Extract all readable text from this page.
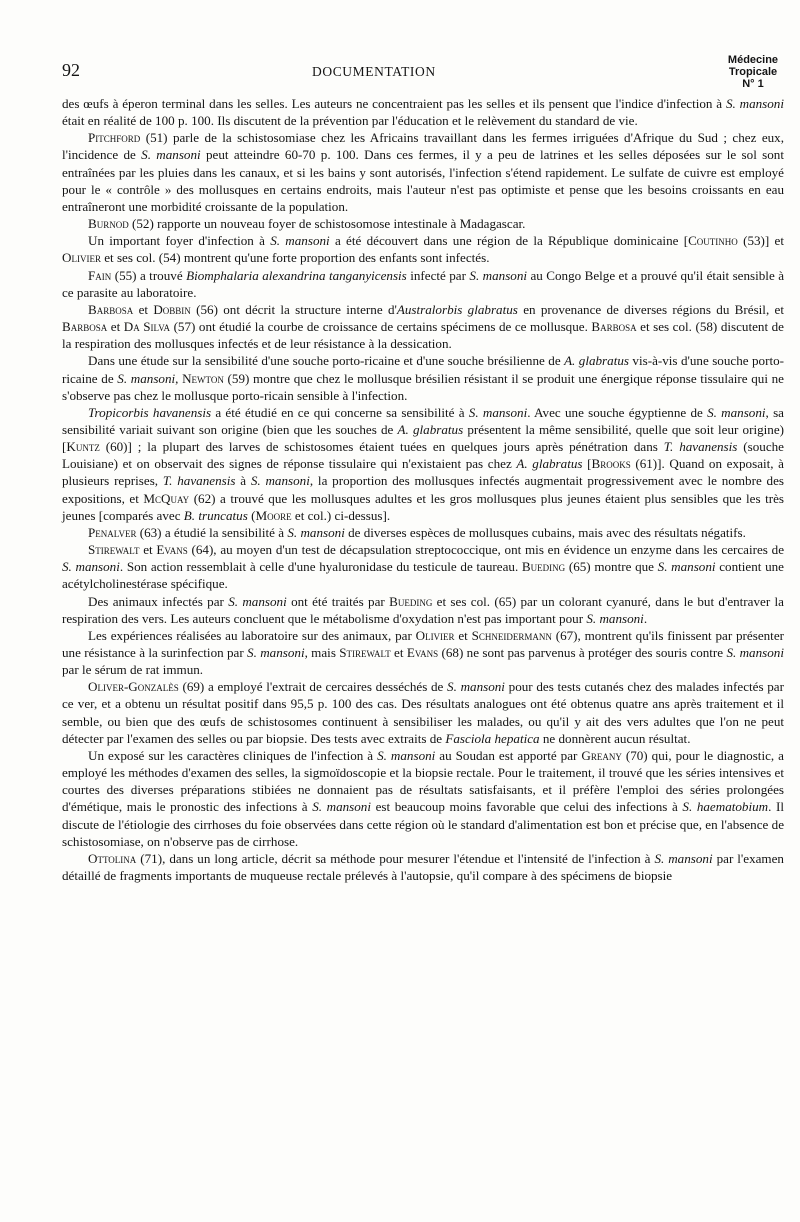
92	DOCUMENTATION
Médecine
Tropicale
N° 1

des œufs à éperon terminal dans les selles. Les auteurs ne concentraient pas les selles et ils pensent que l'indice d'infection à S. mansoni était en réalité de 100 p. 100. Ils discutent de la prévention par l'éducation et le relèvement du standard de vie.

Pitchford (51) parle de la schistosomiase chez les Africains travaillant dans les fermes irriguées d'Afrique du Sud ; chez eux, l'incidence de S. mansoni peut atteindre 60-70 p. 100. Dans ces fermes, il y a peu de latrines et les selles déposées sur le sol sont entraînées par les pluies dans les canaux, et si les bains y sont autorisés, l'infection s'étend rapidement. Le sulfate de cuivre est employé pour le « contrôle » des mollusques en certains endroits, mais l'auteur n'est pas optimiste et pense que les besoins croissants en eau entraîneront une morbidité croissante de la population.

Burnod (52) rapporte un nouveau foyer de schistosomose intestinale à Madagascar.

Un important foyer d'infection à S. mansoni a été découvert dans une région de la République dominicaine [Coutinho (53)] et Olivier et ses col. (54) montrent qu'une forte proportion des enfants sont infectés.

Fain (55) a trouvé Biomphalaria alexandrina tanganyicensis infecté par S. mansoni au Congo Belge et a prouvé qu'il était sensible à ce parasite au laboratoire.

Barbosa et Dobbin (56) ont décrit la structure interne d'Australorbis glabratus en provenance de diverses régions du Brésil, et Barbosa et Da Silva (57) ont étudié la courbe de croissance de certains spécimens de ce mollusque. Barbosa et ses col. (58) discutent de la respiration des mollusques infectés et de leur résistance à la dessication.

Dans une étude sur la sensibilité d'une souche porto-ricaine et d'une souche brésilienne de A. glabratus vis-à-vis d'une souche porto-ricaine de S. mansoni, Newton (59) montre que chez le mollusque brésilien résistant il se produit une énergique réponse tissulaire qui ne s'observe pas chez le mollusque porto-ricain sensible à l'infection.

Tropicorbis havanensis a été étudié en ce qui concerne sa sensibilité à S. mansoni. Avec une souche égyptienne de S. mansoni, sa sensibilité variait suivant son origine (bien que les souches de A. glabratus présentent la même sensibilité, quelle que soit leur origine) [Kuntz (60)] ; la plupart des larves de schistosomes étaient tuées en quelques jours après pénétration dans T. havanensis (souche Louisiane) et on observait des signes de réponse tissulaire qui n'existaient pas chez A. glabratus [Brooks (61)]. Quand on exposait, à plusieurs reprises, T. havanensis à S. mansoni, la proportion des mollusques infectés augmentait progressivement avec le nombre des expositions, et McQuay (62) a trouvé que les mollusques adultes et les gros mollusques plus jeunes étaient plus sensibles que les très jeunes [comparés avec B. truncatus (Moore et col.) ci-dessus].

Penalver (63) a étudié la sensibilité à S. mansoni de diverses espèces de mollusques cubains, mais avec des résultats négatifs.

Stirewalt et Evans (64), au moyen d'un test de décapsulation streptococcique, ont mis en évidence un enzyme dans les cercaires de S. mansoni. Son action ressemblait à celle d'une hyaluronidase du testicule de taureau. Bueding (65) montre que S. mansoni contient une acétylcholinestérase spécifique.

Des animaux infectés par S. mansoni ont été traités par Bueding et ses col. (65) par un colorant cyanuré, dans le but d'entraver la respiration des vers. Les auteurs concluent que le métabolisme d'oxydation n'est pas important pour S. mansoni.

Les expériences réalisées au laboratoire sur des animaux, par Olivier et Schneidermann (67), montrent qu'ils finissent par présenter une résistance à la surinfection par S. mansoni, mais Stirewalt et Evans (68) ne sont pas parvenus à protéger des souris contre S. mansoni par le sérum de rat immun.

Oliver-Gonzalès (69) a employé l'extrait de cercaires desséchés de S. mansoni pour des tests cutanés chez des malades infectés par ce ver, et a obtenu un résultat positif dans 95,5 p. 100 des cas. Des résultats analogues ont été obtenus quatre ans après traitement et il semble, ou bien que des œufs de schistosomes continuent à sensibiliser les malades, ou qu'il y ait des vers adultes que l'on ne peut détecter par l'examen des selles ou par biopsie. Des tests avec extraits de Fasciola hepatica ne donnèrent aucun résultat.

Un exposé sur les caractères cliniques de l'infection à S. mansoni au Soudan est apporté par Greany (70) qui, pour le diagnostic, a employé les méthodes d'examen des selles, la sigmoïdoscopie et la biopsie rectale. Pour le traitement, il trouvé que les séries intensives et courtes des diverses préparations stibiées ne donnaient pas de résultats satisfaisants, et il préfère l'emploi des séries prolongées d'émétique, mais le pronostic des infections à S. mansoni est beaucoup moins favorable que celui des infections à S. haematobium. Il discute de l'étiologie des cirrhoses du foie observées dans cette région où le standard d'alimentation est bon et précise que, en l'absence de schistosomiase, on n'observe pas de cirrhose.

Ottolina (71), dans un long article, décrit sa méthode pour mesurer l'étendue et l'intensité de l'infection à S. mansoni par l'examen détaillé de fragments importants de muqueuse rectale prélevés à l'autopsie, qu'il compare à des spécimens de biopsie
